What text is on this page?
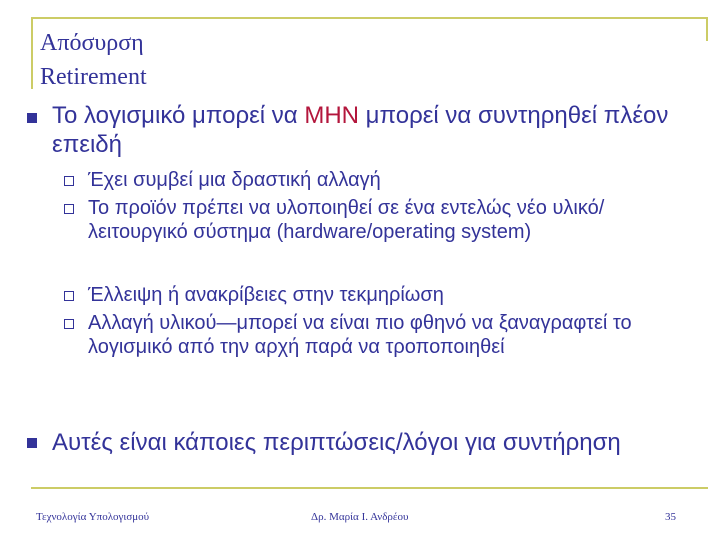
Απόσυρση
Retirement
Το λογισμικό μπορεί να ΜΗΝ μπορεί να συντηρηθεί πλέον επειδή
Έχει συμβεί μια δραστική αλλαγή
Το προϊόν πρέπει να υλοποιηθεί σε ένα εντελώς νέο υλικό/ λειτουργικό σύστημα (hardware/operating system)
Έλλειψη ή ανακρίβειες στην τεκμηρίωση
Αλλαγή υλικού—μπορεί να είναι πιο φθηνό να ξαναγραφτεί το λογισμικό από την αρχή παρά να τροποποιηθεί
Αυτές είναι κάποιες περιπτώσεις/λόγοι για συντήρηση
Τεχνολογία Υπολογισμού	Δρ. Μαρία Ι. Ανδρέου	35
